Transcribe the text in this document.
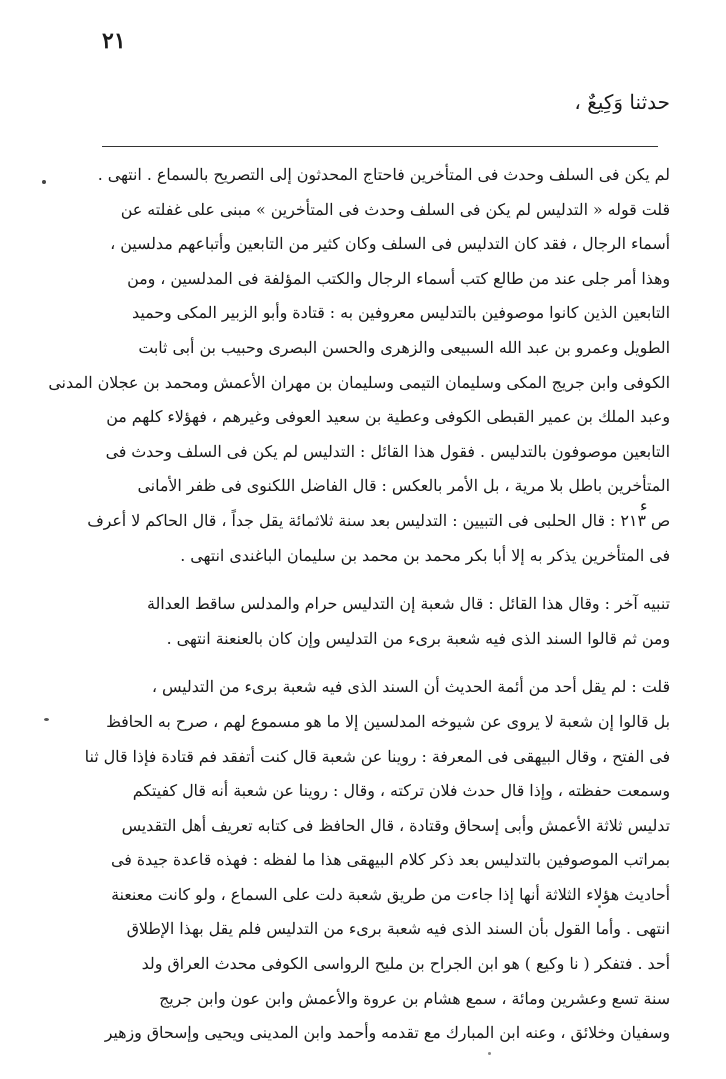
٢١
حدثنا وَكِيعٌ ،
ﺀ
لم يكن فى السلف وحدث فى المتأخرين فاحتاج المحدثون إلى التصريح بالسماع . انتهى .
قلت قوله « التدليس لم يكن فى السلف وحدث فى المتأخرين » مبنى على غفلته عن
أسماء الرجال ، فقد كان التدليس فى السلف وكان كثير من التابعين وأتباعهم مدلسين ،
وهذا أمر جلى عند من طالع كتب أسماء الرجال والكتب المؤلفة فى المدلسين ، ومن
التابعين الذين كانوا موصوفين بالتدليس معروفين به : قتادة وأبو الزبير المكى وحميد
الطويل وعمرو بن عبد الله السبيعى والزهرى والحسن البصرى وحبيب بن أبى ثابت
الكوفى وابن جريج المكى وسليمان التيمى وسليمان بن مهران الأعمش ومحمد بن عجلان المدنى
وعبد الملك بن عمير القبطى الكوفى وعطية بن سعيد العوفى وغيرهم ، فهؤلاء كلهم من
التابعين موصوفون بالتدليس . فقول هذا القائل : التدليس لم يكن فى السلف وحدث فى
المتأخرين باطل بلا مرية ، بل الأمر بالعكس : قال الفاضل اللكنوى فى ظفر الأمانى
ص ٢١٣ : قال الحلبى فى التبيين : التدليس بعد سنة ثلاثمائة يقل جداً ، قال الحاكم لا أعرف
فى المتأخرين يذكر به إلا أبا بكر محمد بن محمد بن سليمان الباغندى انتهى .
تنبيه آخر : وقال هذا القائل : قال شعبة إن التدليس حرام والمدلس ساقط العدالة
ومن ثم قالوا السند الذى فيه شعبة برىء من التدليس وإن كان بالعنعنة انتهى .
قلت : لم يقل أحد من أئمة الحديث أن السند الذى فيه شعبة برىء من التدليس ،
بل قالوا إن شعبة لا يروى عن شيوخه المدلسين إلا ما هو مسموع لهم ، صرح به الحافظ
فى الفتح ، وقال البيهقى فى المعرفة : روينا عن شعبة قال كنت أتفقد فم قتادة فإذا قال ثنا
وسمعت حفظته ، وإذا قال حدث فلان تركته ، وقال : روينا عن شعبة أنه قال كفيتكم
تدليس ثلاثة الأعمش وأبى إسحاق وقتادة ، قال الحافظ فى كتابه تعريف أهل التقديس
بمراتب الموصوفين بالتدليس بعد ذكر كلام البيهقى هذا ما لفظه : فهذه قاعدة جيدة فى
أحاديث هؤلاء الثلاثة أنها إذا جاءت من طريق شعبة دلت على السماع ، ولو كانت معنعنة
انتهى . وأما القول بأن السند الذى فيه شعبة برىء من التدليس فلم يقل بهذا الإطلاق
أحد . فتفكر ( نا وكيع ) هو ابن الجراح بن مليح الرواسى الكوفى محدث العراق ولد
سنة تسع وعشرين ومائة ، سمع هشام بن عروة والأعمش وابن عون وابن جريج
وسفيان وخلائق ، وعنه ابن المبارك مع تقدمه وأحمد وابن المدينى ويحيى وإسحاق وزهير
